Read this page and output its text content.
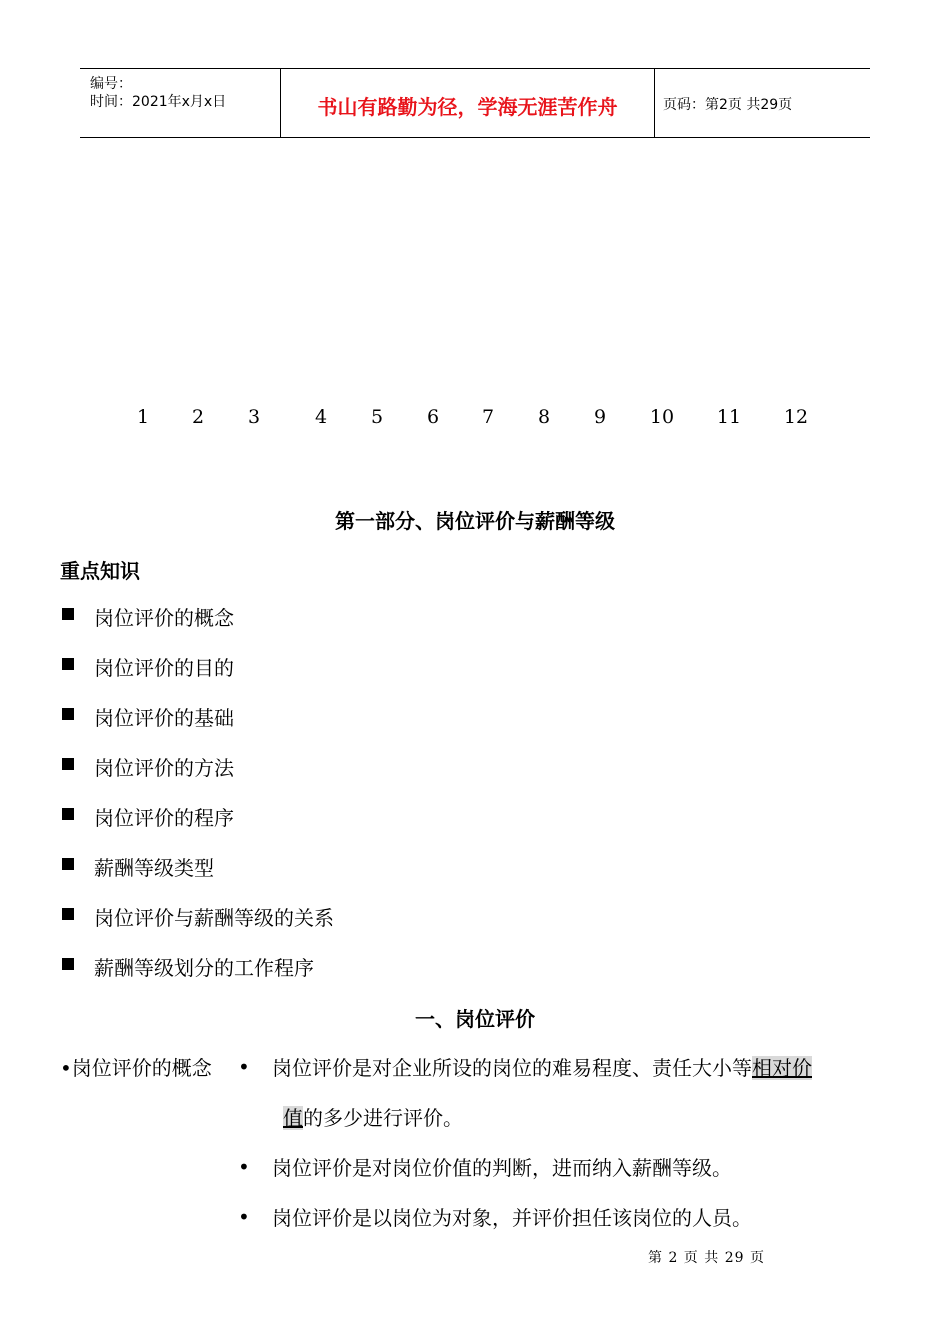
编号：
时间：2021年x月x日	书山有路勤为径，学海无涯苦作舟	页码：第2页 共29页
1 2 3	4 5 6 7 8 9 10 11 12
第一部分、岗位评价与薪酬等级
重点知识
岗位评价的概念
岗位评价的目的
岗位评价的基础
岗位评价的方法
岗位评价的程序
薪酬等级类型
岗位评价与薪酬等级的关系
薪酬等级划分的工作程序
一、岗位评价
•岗位评价的概念 • 岗位评价是对企业所设的岗位的难易程度、责任大小等相对价
值的多少进行评价。
• 岗位评价是对岗位价值的判断，进而纳入薪酬等级。
• 岗位评价是以岗位为对象，并评价担任该岗位的人员。
第 2 页 共 29 页
